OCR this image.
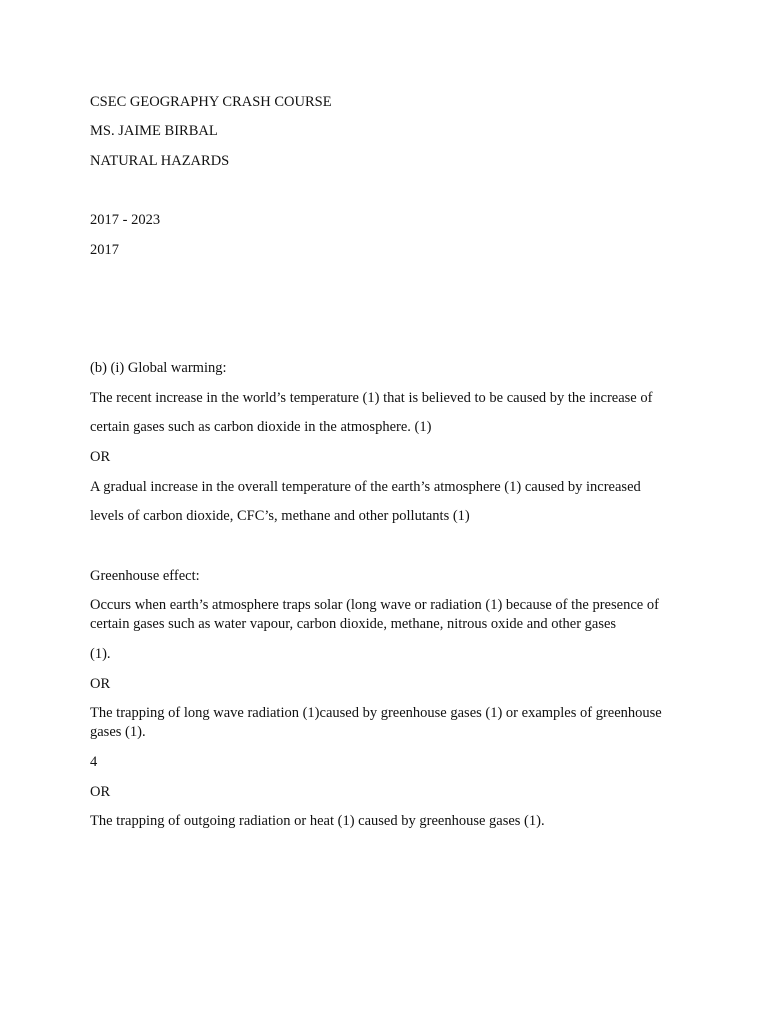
CSEC GEOGRAPHY CRASH COURSE
MS. JAIME BIRBAL
NATURAL HAZARDS
2017 - 2023
2017
(b) (i) Global warming:
The recent increase in the world’s temperature (1) that is believed to be caused by the increase of
certain gases such as carbon dioxide in the atmosphere. (1)
OR
A gradual increase in the overall temperature of the earth’s atmosphere (1) caused by increased
levels of carbon dioxide, CFC’s, methane and other pollutants (1)
Greenhouse effect:
Occurs when earth’s atmosphere traps solar (long wave or radiation (1) because of the presence of certain gases such as water vapour, carbon dioxide, methane, nitrous oxide and other gases
(1).
OR
The trapping of long wave radiation (1)caused by greenhouse gases (1) or examples of greenhouse gases (1).
4
OR
The trapping of outgoing radiation or heat (1) caused by greenhouse gases (1).
